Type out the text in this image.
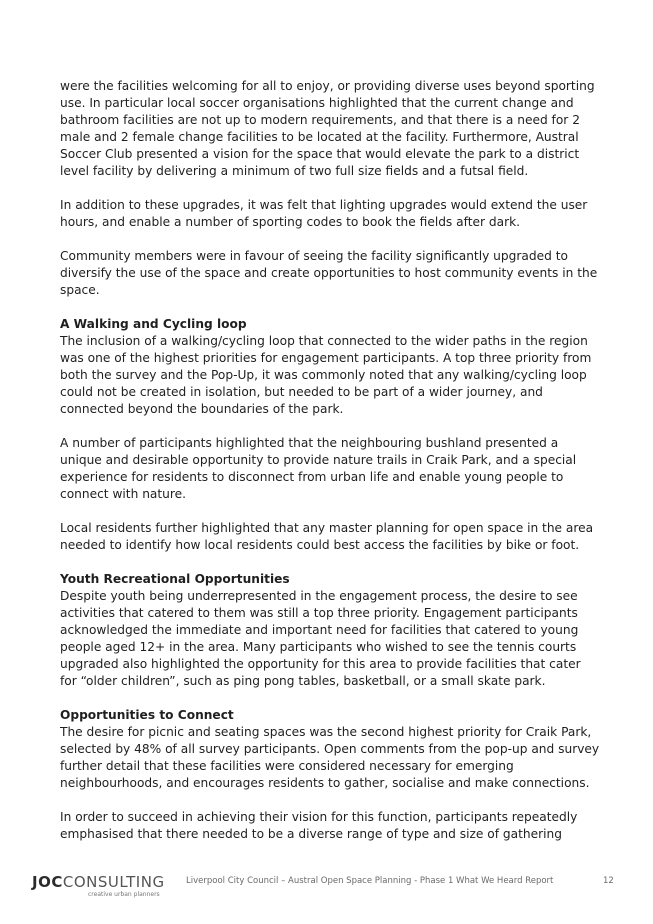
were the facilities welcoming for all to enjoy, or providing diverse uses beyond sporting use. In particular local soccer organisations highlighted that the current change and bathroom facilities are not up to modern requirements, and that there is a need for 2 male and 2 female change facilities to be located at the facility. Furthermore, Austral Soccer Club presented a vision for the space that would elevate the park to a district level facility by delivering a minimum of two full size fields and a futsal field.

In addition to these upgrades, it was felt that lighting upgrades would extend the user hours, and enable a number of sporting codes to book the fields after dark.

Community members were in favour of seeing the facility significantly upgraded to diversify the use of the space and create opportunities to host community events in the space.

A Walking and Cycling loop

The inclusion of a walking/cycling loop that connected to the wider paths in the region was one of the highest priorities for engagement participants. A top three priority from both the survey and the Pop-Up, it was commonly noted that any walking/cycling loop could not be created in isolation, but needed to be part of a wider journey, and connected beyond the boundaries of the park.

A number of participants highlighted that the neighbouring bushland presented a unique and desirable opportunity to provide nature trails in Craik Park, and a special experience for residents to disconnect from urban life and enable young people to connect with nature.

Local residents further highlighted that any master planning for open space in the area needed to identify how local residents could best access the facilities by bike or foot.

Youth Recreational Opportunities

Despite youth being underrepresented in the engagement process, the desire to see activities that catered to them was still a top three priority. Engagement participants acknowledged the immediate and important need for facilities that catered to young people aged 12+ in the area. Many participants who wished to see the tennis courts upgraded also highlighted the opportunity for this area to provide facilities that cater for “older children”, such as ping pong tables, basketball, or a small skate park.

Opportunities to Connect

The desire for picnic and seating spaces was the second highest priority for Craik Park, selected by 48% of all survey participants. Open comments from the pop-up and survey further detail that these facilities were considered necessary for emerging neighbourhoods, and encourages residents to gather, socialise and make connections.

In order to succeed in achieving their vision for this function, participants repeatedly emphasised that there needed to be a diverse range of type and size of gathering

JOCCONSULTING
creative urban planners
Liverpool City Council – Austral Open Space Planning - Phase 1 What We Heard Report	12
